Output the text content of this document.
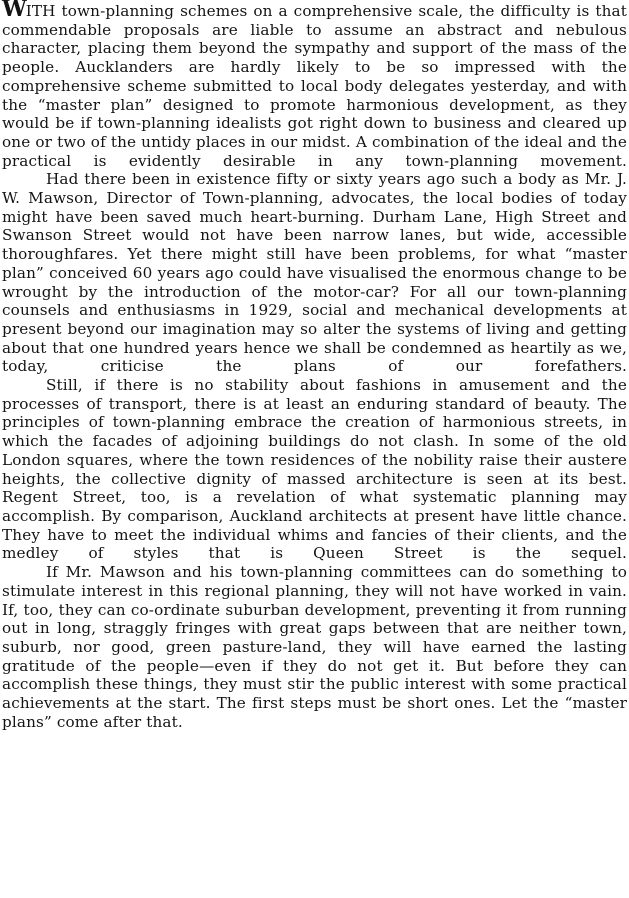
WITH town-planning schemes on a comprehensive scale, the difficulty is that commendable proposals are liable to assume an abstract and nebulous character, placing them beyond the sympathy and support of the mass of the people. Aucklanders are hardly likely to be so impressed with the comprehensive scheme submitted to local body delegates yesterday, and with the “master plan” designed to promote harmonious development, as they would be if town-planning idealists got right down to business and cleared up one or two of the untidy places in our midst. A combination of the ideal and the practical is evidently desirable in any town-planning movement.

Had there been in existence fifty or sixty years ago such a body as Mr. J. W. Mawson, Director of Town-planning, advocates, the local bodies of today might have been saved much heart-burning. Durham Lane, High Street and Swanson Street would not have been narrow lanes, but wide, accessible thoroughfares. Yet there might still have been problems, for what “master plan” conceived 60 years ago could have visualised the enormous change to be wrought by the introduction of the motor-car? For all our town-planning counsels and enthusiasms in 1929, social and mechanical developments at present beyond our imagination may so alter the systems of living and getting about that one hundred years hence we shall be condemned as heartily as we, today, criticise the plans of our forefathers.

Still, if there is no stability about fashions in amusement and the processes of transport, there is at least an enduring standard of beauty. The principles of town-planning embrace the creation of harmonious streets, in which the facades of adjoining buildings do not clash. In some of the old London squares, where the town residences of the nobility raise their austere heights, the collective dignity of massed architecture is seen at its best. Regent Street, too, is a revelation of what systematic planning may accomplish. By comparison, Auckland architects at present have little chance. They have to meet the individual whims and fancies of their clients, and the medley of styles that is Queen Street is the sequel.

If Mr. Mawson and his town-planning committees can do something to stimulate interest in this regional planning, they will not have worked in vain. If, too, they can co-ordinate suburban development, preventing it from running out in long, straggly fringes with great gaps between that are neither town, suburb, nor good, green pasture-land, they will have earned the lasting gratitude of the people—even if they do not get it. But before they can accomplish these things, they must stir the public interest with some practical achievements at the start. The first steps must be short ones. Let the “master plans” come after that.
